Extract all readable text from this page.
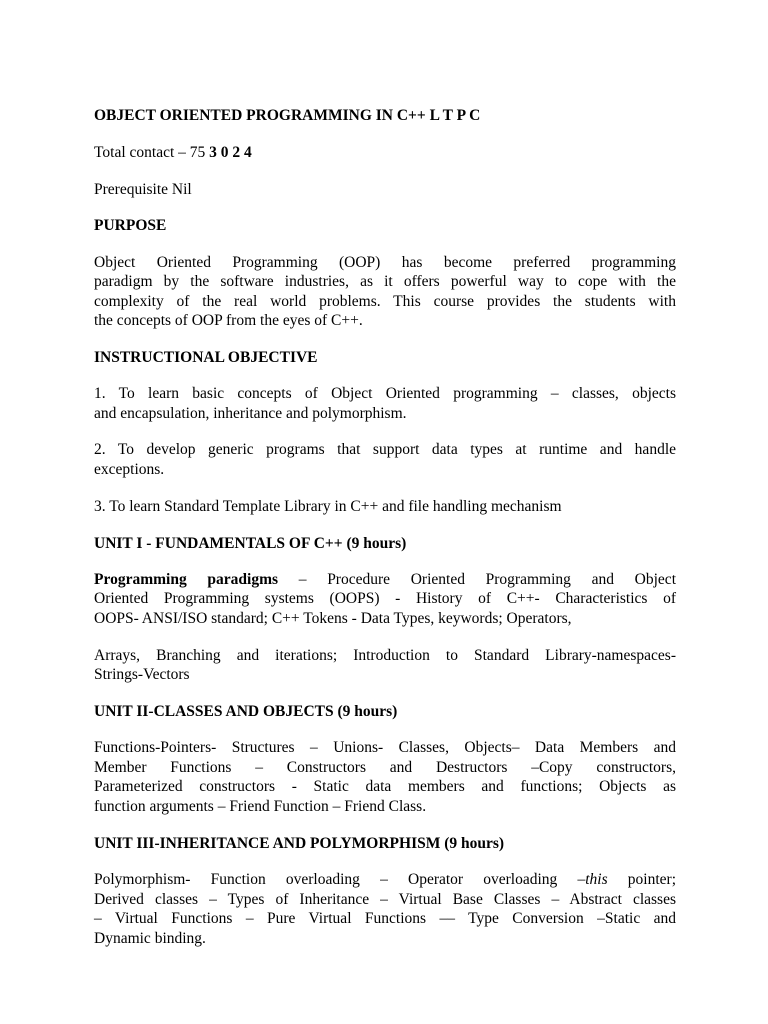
OBJECT ORIENTED PROGRAMMING IN C++ L T P C
Total contact – 75 3 0 2 4
Prerequisite Nil
PURPOSE
Object Oriented Programming (OOP) has become preferred programming
paradigm by the software industries, as it offers powerful way to cope with the
complexity of the real world problems. This course provides the students with
the concepts of OOP from the eyes of C++.
INSTRUCTIONAL OBJECTIVE
1. To learn basic concepts of Object Oriented programming – classes, objects
and encapsulation, inheritance and polymorphism.
2. To develop generic programs that support data types at runtime and handle
exceptions.
3. To learn Standard Template Library in C++ and file handling mechanism
UNIT I - FUNDAMENTALS OF C++ (9 hours)
Programming paradigms – Procedure Oriented Programming and Object
Oriented Programming systems (OOPS) - History of C++- Characteristics of
OOPS- ANSI/ISO standard; C++ Tokens - Data Types, keywords; Operators,
Arrays, Branching and iterations; Introduction to Standard Library-namespaces-
Strings-Vectors
UNIT II-CLASSES AND OBJECTS (9 hours)
Functions-Pointers- Structures – Unions- Classes, Objects– Data Members and
Member Functions – Constructors and Destructors –Copy constructors,
Parameterized constructors - Static data members and functions; Objects as
function arguments – Friend Function – Friend Class.
UNIT III-INHERITANCE AND POLYMORPHISM (9 hours)
Polymorphism- Function overloading – Operator overloading –this pointer;
Derived classes – Types of Inheritance – Virtual Base Classes – Abstract classes
– Virtual Functions – Pure Virtual Functions –– Type Conversion –Static and
Dynamic binding.
